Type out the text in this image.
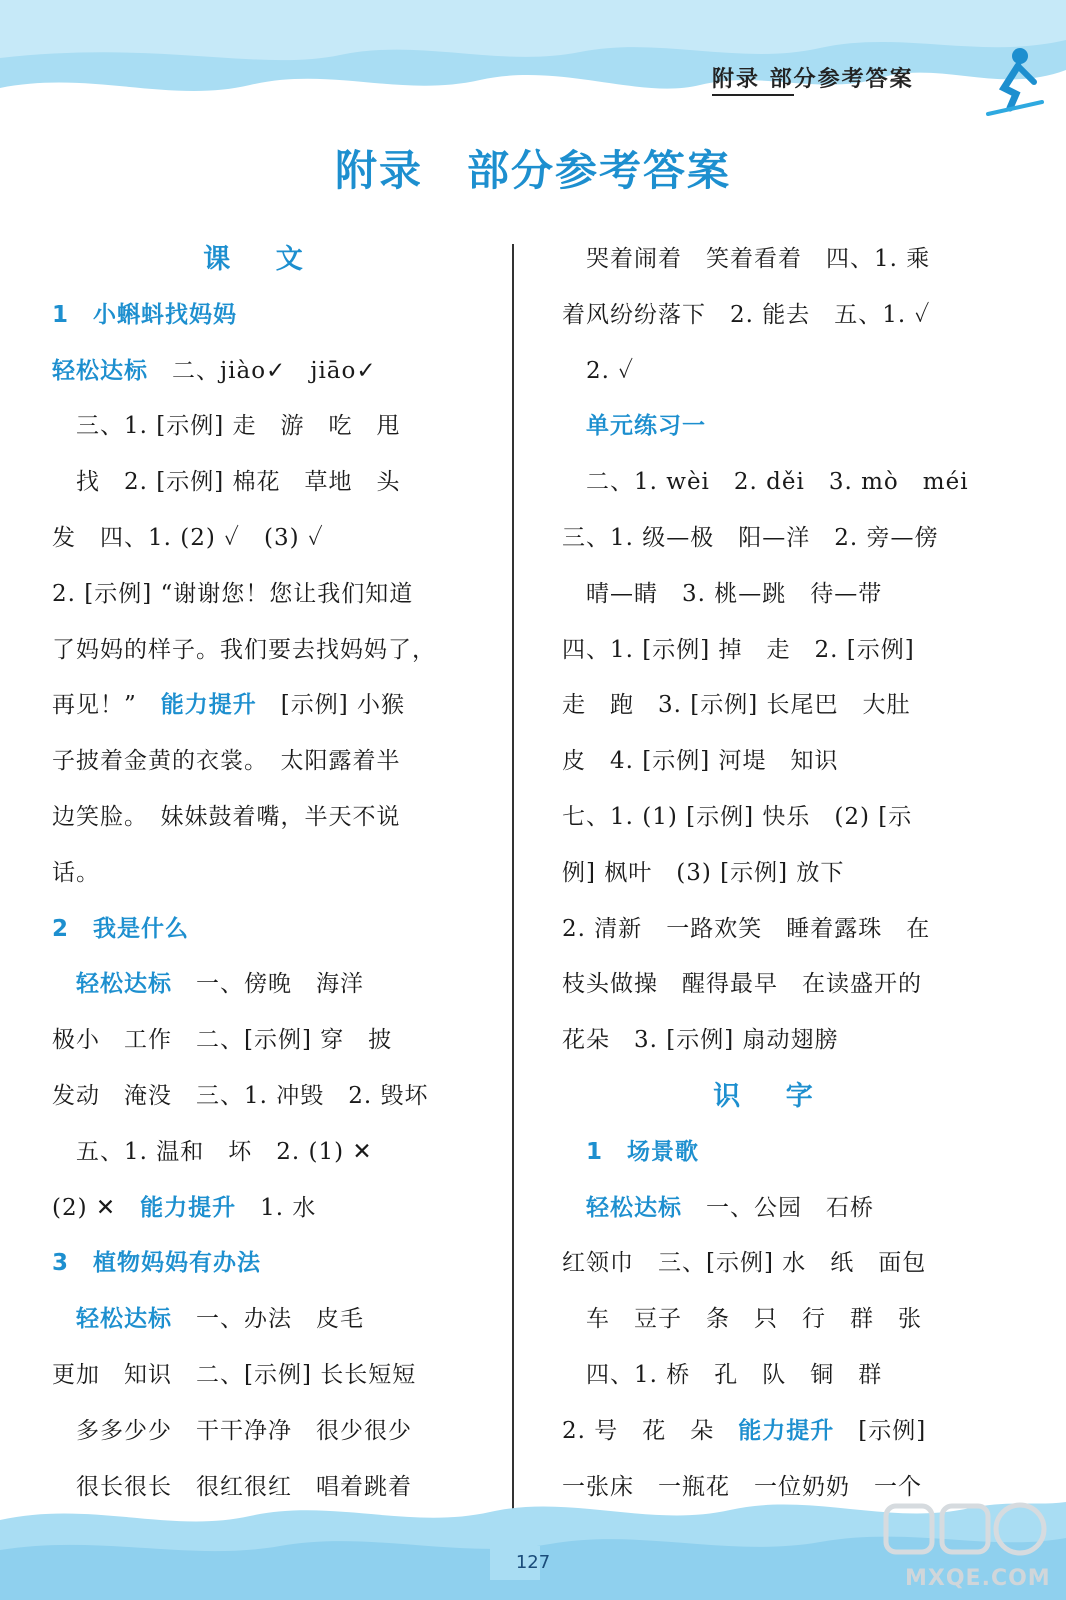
附录 部分参考答案
附录　部分参考答案
课 文
1　小蝌蚪找妈妈
轻松达标　二、jiào✓　jiāo✓
　三、1. [示例] 走　游　吃　甩
　找　2. [示例] 棉花　草地　头
发　四、1. (2) ✓　(3) ✓
2. [示例] “谢谢您！您让我们知道
了妈妈的样子。我们要去找妈妈了，
再见！”　能力提升　[示例] 小猴
子披着金黄的衣裳。　太阳露着半
边笑脸。　妹妹鼓着嘴，半天不说
话。
2　我是什么
　轻松达标　一、傍晚　海洋
极小　工作　二、[示例] 穿　披
发动　淹没　三、1. 冲毁　2. 毁坏
　五、1. 温和　坏　2. (1) ✕
(2) ✕　能力提升　1. 水
3　植物妈妈有办法
　轻松达标　一、办法　皮毛
更加　知识　二、[示例] 长长短短
　多多少少　干干净净　很少很少
　很长很长　很红很红　唱着跳着
　哭着闹着　笑着看着　四、1. 乘
着风纷纷落下　2. 能去　五、1. ✓
　2. ✓
　单元练习一
　二、1. wèi　2. děi　3. mò　méi
三、1. 级—极　阳—洋　2. 旁—傍
　晴—睛　3. 桃—跳　待—带
四、1. [示例] 掉　走　2. [示例]
走　跑　3. [示例] 长尾巴　大肚
皮　4. [示例] 河堤　知识
七、1. (1) [示例] 快乐　(2) [示
例] 枫叶　(3) [示例] 放下
2. 清新　一路欢笑　睡着露珠　在
枝头做操　醒得最早　在读盛开的
花朵　3. [示例] 扇动翅膀
识 字
　1　场景歌
　轻松达标　一、公园　石桥
红领巾　三、[示例] 水　纸　面包
　车　豆子　条　只　行　群　张
　四、1. 桥　孔　队　铜　群
2. 号　花　朵　能力提升　[示例]
一张床　一瓶花　一位奶奶　一个
127
MXQE.COM
